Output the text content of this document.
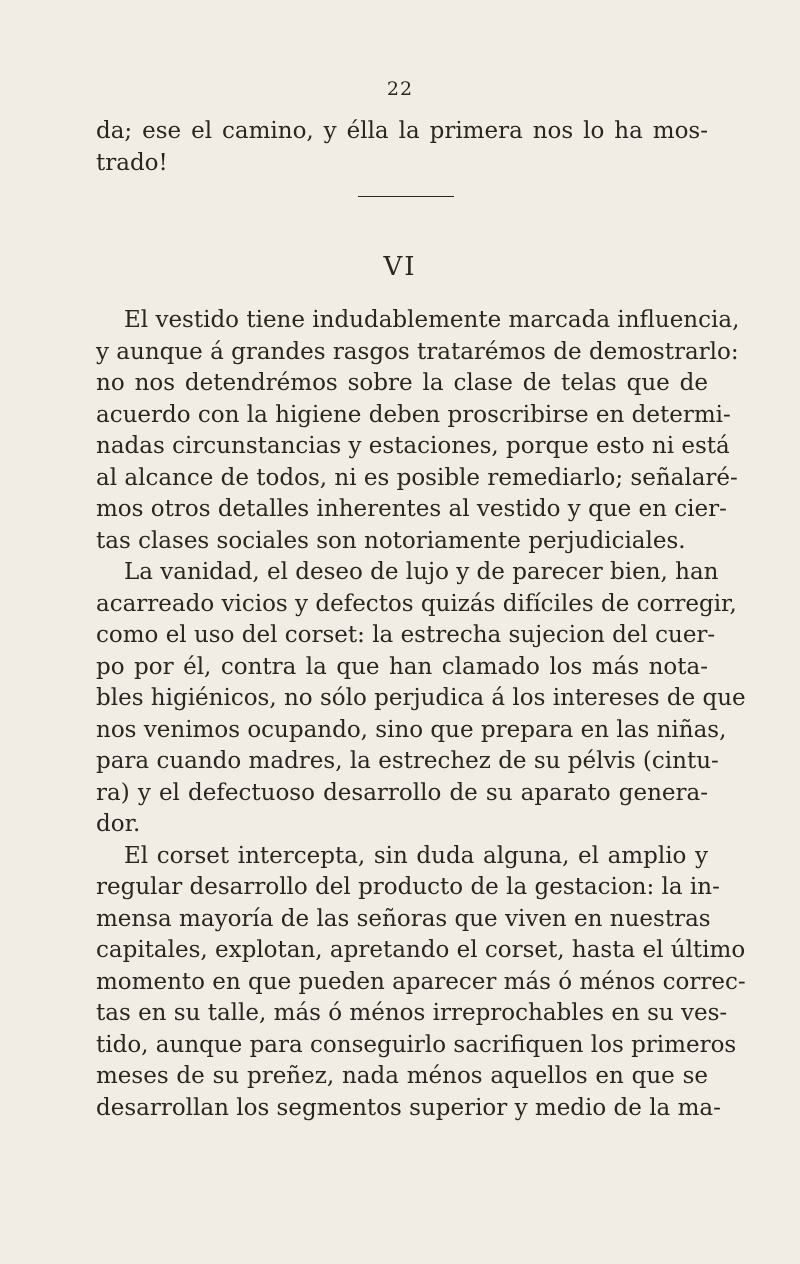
22
da; ese el camino, y élla la primera nos lo ha mos-
trado!
VI
El vestido tiene indudablemente marcada influencia,
y aunque á grandes rasgos tratarémos de demostrarlo:
no nos detendrémos sobre la clase de telas que de
acuerdo con la higiene deben proscribirse en determi-
nadas circunstancias y estaciones, porque esto ni está
al alcance de todos, ni es posible remediarlo; señalaré-
mos otros detalles inherentes al vestido y que en cier-
tas clases sociales son notoriamente perjudiciales.
La vanidad, el deseo de lujo y de parecer bien, han
acarreado vicios y defectos quizás difíciles de corregir,
como el uso del corset: la estrecha sujecion del cuer-
po por él, contra la que han clamado los más nota-
bles higiénicos, no sólo perjudica á los intereses de que
nos venimos ocupando, sino que prepara en las niñas,
para cuando madres, la estrechez de su pélvis (cintu-
ra) y el defectuoso desarrollo de su aparato genera-
dor.
El corset intercepta, sin duda alguna, el amplio y
regular desarrollo del producto de la gestacion: la in-
mensa mayoría de las señoras que viven en nuestras
capitales, explotan, apretando el corset, hasta el último
momento en que pueden aparecer más ó ménos correc-
tas en su talle, más ó ménos irreprochables en su ves-
tido, aunque para conseguirlo sacrifiquen los primeros
meses de su preñez, nada ménos aquellos en que se
desarrollan los segmentos superior y medio de la ma-
